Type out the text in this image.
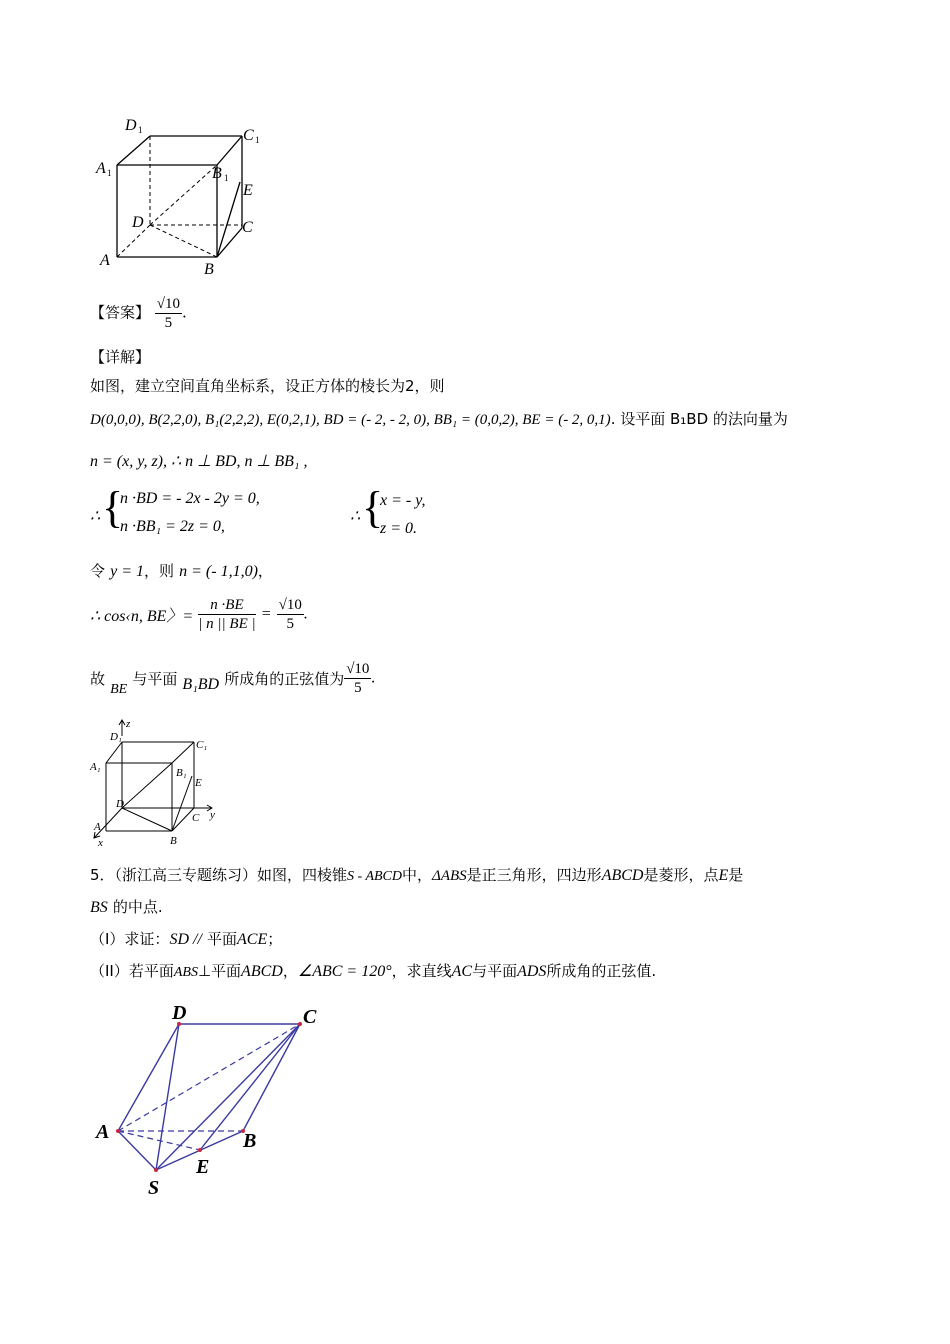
D 1	C 1
A 1	B 1
E
D	C
A
B
【答案】 $\frac{√10}{5}$ .
【详解】
如图，建立空间直角坐标系，设正方体的棱长为2，则
D(0,0,0), B(2,2,0), B₁(2,2,2), E(0,2,1), BD = (- 2, - 2, 0), BB₁ = (0,0,2), BE = (- 2, 0,1). 设平面 B₁BD 的法向量为
n = (x, y, z), ∴ n ⊥ BD, n ⊥ BB₁ ,
∴ {
n ·BD = - 2x - 2y = 0,
n ·BB₁ = 2z = 0,
∴ {
x = - y,
z = 0.
令 y = 1，则 n = (- 1,1,0)，
∴ cos‹n, BE〉= $\frac{n \cdot BE}{| n || BE |} = \frac{√10}{5}$ .
故 BE 与平面 B₁BD 所成角的正弦值为 $\frac{√10}{5}$ .
z
D₁
C₁
A₁	B₁
E
D
C y
A
x	B
5．（浙江高三专题练习）如图，四棱锥S - ABCD中，ΔABS是正三角形，四边形ABCD是菱形，点E是
BS 的中点.
（I）求证：SD // 平面ACE；
（II）若平面ABS⊥平面ABCD，∠ABC = 120°，求直线AC与平面ADS所成角的正弦值.
D	C
A	B
E
S
